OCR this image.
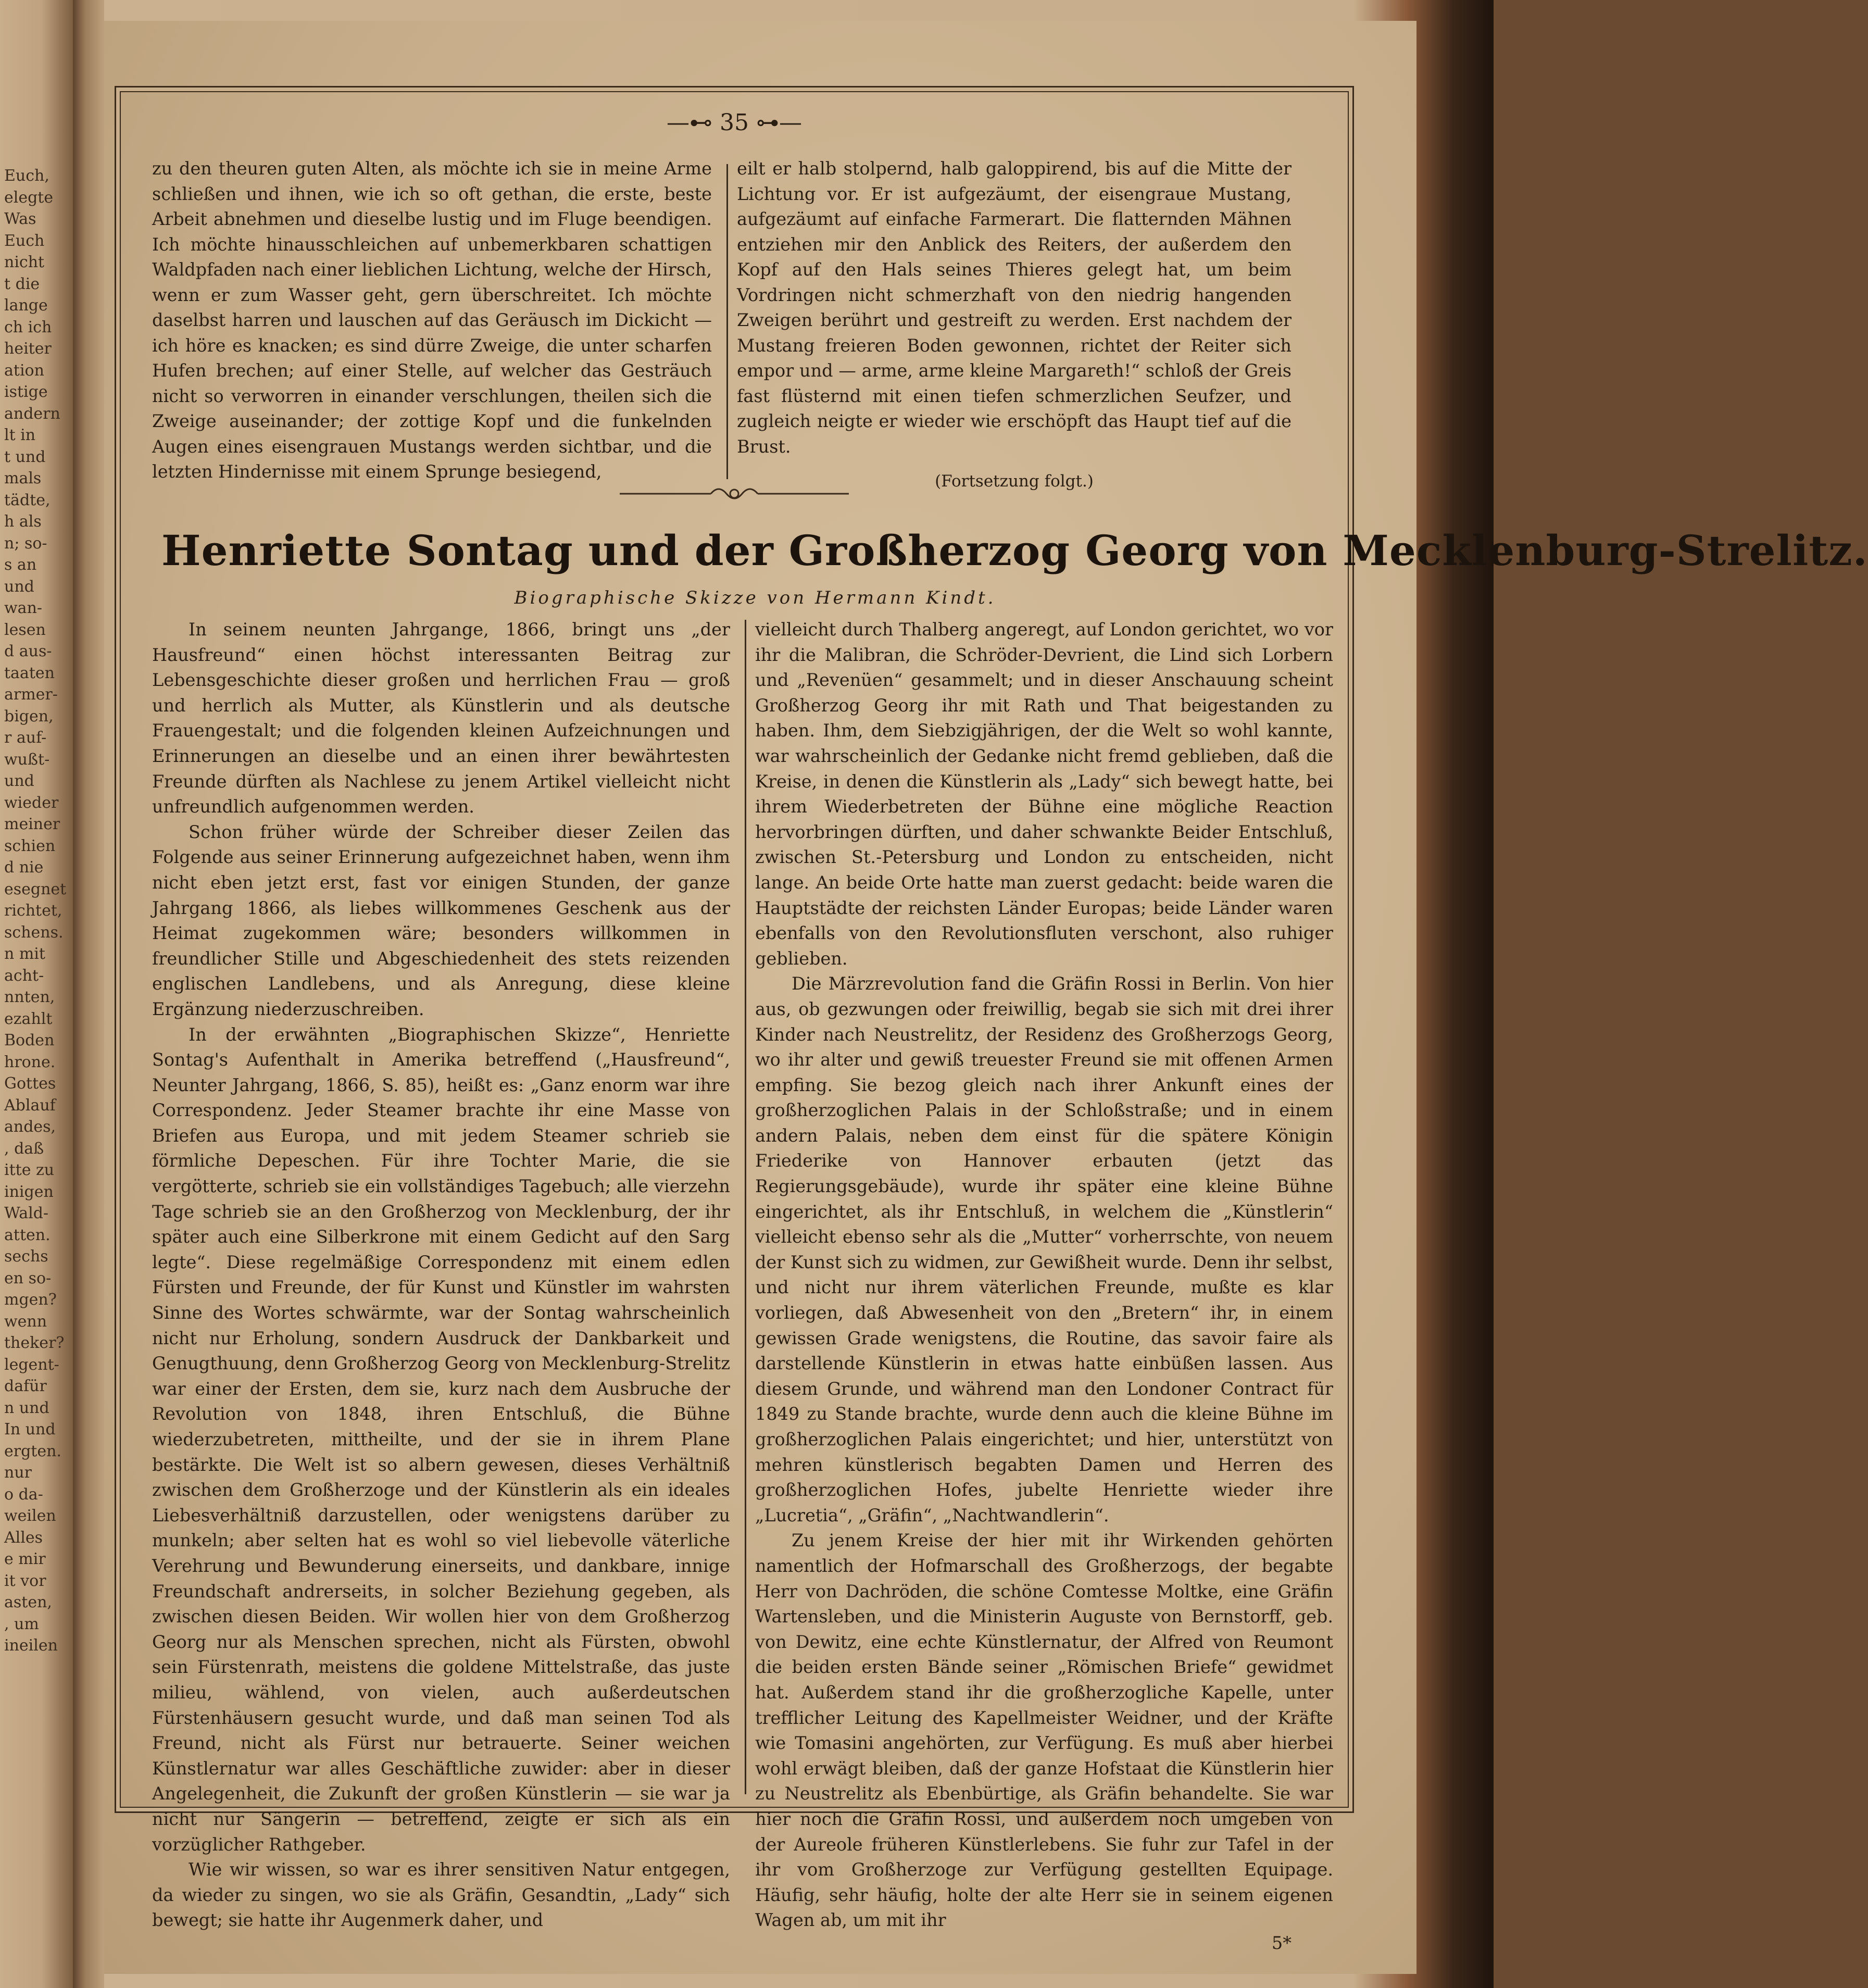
Euch,
elegte
Was
Euch
nicht
t die
lange
ch ich
heiter
ation
istige
andern
lt in
t und
mals
tädte,
h als
n; so-
s an
und
wan-
lesen
d aus-
taaten
armer-
bigen,
r auf-
wußt-
und
wieder
meiner
schien
d nie
esegnet
richtet,
schens.
n mit
acht-
nnten,
ezahlt
Boden
hrone.
Gottes
Ablauf
andes,
, daß
itte zu
inigen
Wald-
atten.
sechs
en so-
mgen?
wenn
theker?
legent-
dafür
n und
In und
ergten.
nur
o da-
weilen
Alles
e mir
it vor
asten,
, um
ineilen
—⊷ 35 ⊶—

zu den theuren guten Alten, als möchte ich sie in meine Arme schließen und ihnen, wie ich so oft gethan, die erste, beste Arbeit abnehmen und dieselbe lustig und im Fluge beendigen. Ich möchte hinausschleichen auf unbemerkbaren schattigen Waldpfaden nach einer lieblichen Lichtung, welche der Hirsch, wenn er zum Wasser geht, gern überschreitet. Ich möchte daselbst harren und lauschen auf das Geräusch im Dickicht — ich höre es knacken; es sind dürre Zweige, die unter scharfen Hufen brechen; auf einer Stelle, auf welcher das Gesträuch nicht so verworren in einander verschlungen, theilen sich die Zweige auseinander; der zottige Kopf und die funkelnden Augen eines eisengrauen Mustangs werden sichtbar, und die letzten Hindernisse mit einem Sprunge besiegend,

eilt er halb stolpernd, halb galoppirend, bis auf die Mitte der Lichtung vor. Er ist aufgezäumt, der eisengraue Mustang, aufgezäumt auf einfache Farmerart. Die flatternden Mähnen entziehen mir den Anblick des Reiters, der außerdem den Kopf auf den Hals seines Thieres gelegt hat, um beim Vordringen nicht schmerzhaft von den niedrig hangenden Zweigen berührt und gestreift zu werden. Erst nachdem der Mustang freieren Boden gewonnen, richtet der Reiter sich empor und — arme, arme kleine Margareth!“ schloß der Greis fast flüsternd mit einen tiefen schmerzlichen Seufzer, und zugleich neigte er wieder wie erschöpft das Haupt tief auf die Brust.

(Fortsetzung folgt.)

Henriette Sontag und der Großherzog Georg von Mecklenburg-Strelitz.
Biographische Skizze von Hermann Kindt.

In seinem neunten Jahrgange, 1866, bringt uns „der Hausfreund“ einen höchst interessanten Beitrag zur Lebensgeschichte dieser großen und herrlichen Frau — groß und herrlich als Mutter, als Künstlerin und als deutsche Frauengestalt; und die folgenden kleinen Aufzeichnungen und Erinnerungen an dieselbe und an einen ihrer bewährtesten Freunde dürften als Nachlese zu jenem Artikel vielleicht nicht unfreundlich aufgenommen werden.

Schon früher würde der Schreiber dieser Zeilen das Folgende aus seiner Erinnerung aufgezeichnet haben, wenn ihm nicht eben jetzt erst, fast vor einigen Stunden, der ganze Jahrgang 1866, als liebes willkommenes Geschenk aus der Heimat zugekommen wäre; besonders willkommen in freundlicher Stille und Abgeschiedenheit des stets reizenden englischen Landlebens, und als Anregung, diese kleine Ergänzung niederzuschreiben.

In der erwähnten „Biographischen Skizze“, Henriette Sontag's Aufenthalt in Amerika betreffend („Hausfreund“, Neunter Jahrgang, 1866, S. 85), heißt es: „Ganz enorm war ihre Correspondenz. Jeder Steamer brachte ihr eine Masse von Briefen aus Europa, und mit jedem Steamer schrieb sie förmliche Depeschen. Für ihre Tochter Marie, die sie vergötterte, schrieb sie ein vollständiges Tagebuch; alle vierzehn Tage schrieb sie an den Großherzog von Mecklenburg, der ihr später auch eine Silberkrone mit einem Gedicht auf den Sarg legte“. Diese regelmäßige Correspondenz mit einem edlen Fürsten und Freunde, der für Kunst und Künstler im wahrsten Sinne des Wortes schwärmte, war der Sontag wahrscheinlich nicht nur Erholung, sondern Ausdruck der Dankbarkeit und Genugthuung, denn Großherzog Georg von Mecklenburg-Strelitz war einer der Ersten, dem sie, kurz nach dem Ausbruche der Revolution von 1848, ihren Entschluß, die Bühne wiederzubetreten, mittheilte, und der sie in ihrem Plane bestärkte. Die Welt ist so albern gewesen, dieses Verhältniß zwischen dem Großherzoge und der Künstlerin als ein ideales Liebesverhältniß darzustellen, oder wenigstens darüber zu munkeln; aber selten hat es wohl so viel liebevolle väterliche Verehrung und Bewunderung einerseits, und dankbare, innige Freundschaft andrerseits, in solcher Beziehung gegeben, als zwischen diesen Beiden. Wir wollen hier von dem Großherzog Georg nur als Menschen sprechen, nicht als Fürsten, obwohl sein Fürstenrath, meistens die goldene Mittelstraße, das juste milieu, wählend, von vielen, auch außerdeutschen Fürstenhäusern gesucht wurde, und daß man seinen Tod als Freund, nicht als Fürst nur betrauerte. Seiner weichen Künstlernatur war alles Geschäftliche zuwider: aber in dieser Angelegenheit, die Zukunft der großen Künstlerin — sie war ja nicht nur Sängerin — betreffend, zeigte er sich als ein vorzüglicher Rathgeber.

Wie wir wissen, so war es ihrer sensitiven Natur entgegen, da wieder zu singen, wo sie als Gräfin, Gesandtin, „Lady“ sich bewegt; sie hatte ihr Augenmerk daher, und

vielleicht durch Thalberg angeregt, auf London gerichtet, wo vor ihr die Malibran, die Schröder-Devrient, die Lind sich Lorbern und „Revenüen“ gesammelt; und in dieser Anschauung scheint Großherzog Georg ihr mit Rath und That beigestanden zu haben. Ihm, dem Siebzigjährigen, der die Welt so wohl kannte, war wahrscheinlich der Gedanke nicht fremd geblieben, daß die Kreise, in denen die Künstlerin als „Lady“ sich bewegt hatte, bei ihrem Wiederbetreten der Bühne eine mögliche Reaction hervorbringen dürften, und daher schwankte Beider Entschluß, zwischen St.-Petersburg und London zu entscheiden, nicht lange. An beide Orte hatte man zuerst gedacht: beide waren die Hauptstädte der reichsten Länder Europas; beide Länder waren ebenfalls von den Revolutionsfluten verschont, also ruhiger geblieben.

Die Märzrevolution fand die Gräfin Rossi in Berlin. Von hier aus, ob gezwungen oder freiwillig, begab sie sich mit drei ihrer Kinder nach Neustrelitz, der Residenz des Großherzogs Georg, wo ihr alter und gewiß treuester Freund sie mit offenen Armen empfing. Sie bezog gleich nach ihrer Ankunft eines der großherzoglichen Palais in der Schloßstraße; und in einem andern Palais, neben dem einst für die spätere Königin Friederike von Hannover erbauten (jetzt das Regierungsgebäude), wurde ihr später eine kleine Bühne eingerichtet, als ihr Entschluß, in welchem die „Künstlerin“ vielleicht ebenso sehr als die „Mutter“ vorherrschte, von neuem der Kunst sich zu widmen, zur Gewißheit wurde. Denn ihr selbst, und nicht nur ihrem väterlichen Freunde, mußte es klar vorliegen, daß Abwesenheit von den „Bretern“ ihr, in einem gewissen Grade wenigstens, die Routine, das savoir faire als darstellende Künstlerin in etwas hatte einbüßen lassen. Aus diesem Grunde, und während man den Londoner Contract für 1849 zu Stande brachte, wurde denn auch die kleine Bühne im großherzoglichen Palais eingerichtet; und hier, unterstützt von mehren künstlerisch begabten Damen und Herren des großherzoglichen Hofes, jubelte Henriette wieder ihre „Lucretia“, „Gräfin“, „Nachtwandlerin“.

Zu jenem Kreise der hier mit ihr Wirkenden gehörten namentlich der Hofmarschall des Großherzogs, der begabte Herr von Dachröden, die schöne Comtesse Moltke, eine Gräfin Wartensleben, und die Ministerin Auguste von Bernstorff, geb. von Dewitz, eine echte Künstlernatur, der Alfred von Reumont die beiden ersten Bände seiner „Römischen Briefe“ gewidmet hat. Außerdem stand ihr die großherzogliche Kapelle, unter trefflicher Leitung des Kapellmeister Weidner, und der Kräfte wie Tomasini angehörten, zur Verfügung. Es muß aber hierbei wohl erwägt bleiben, daß der ganze Hofstaat die Künstlerin hier zu Neustrelitz als Ebenbürtige, als Gräfin behandelte. Sie war hier noch die Gräfin Rossi, und außerdem noch umgeben von der Aureole früheren Künstlerlebens. Sie fuhr zur Tafel in der ihr vom Großherzoge zur Verfügung gestellten Equipage. Häufig, sehr häufig, holte der alte Herr sie in seinem eigenen Wagen ab, um mit ihr

5*
